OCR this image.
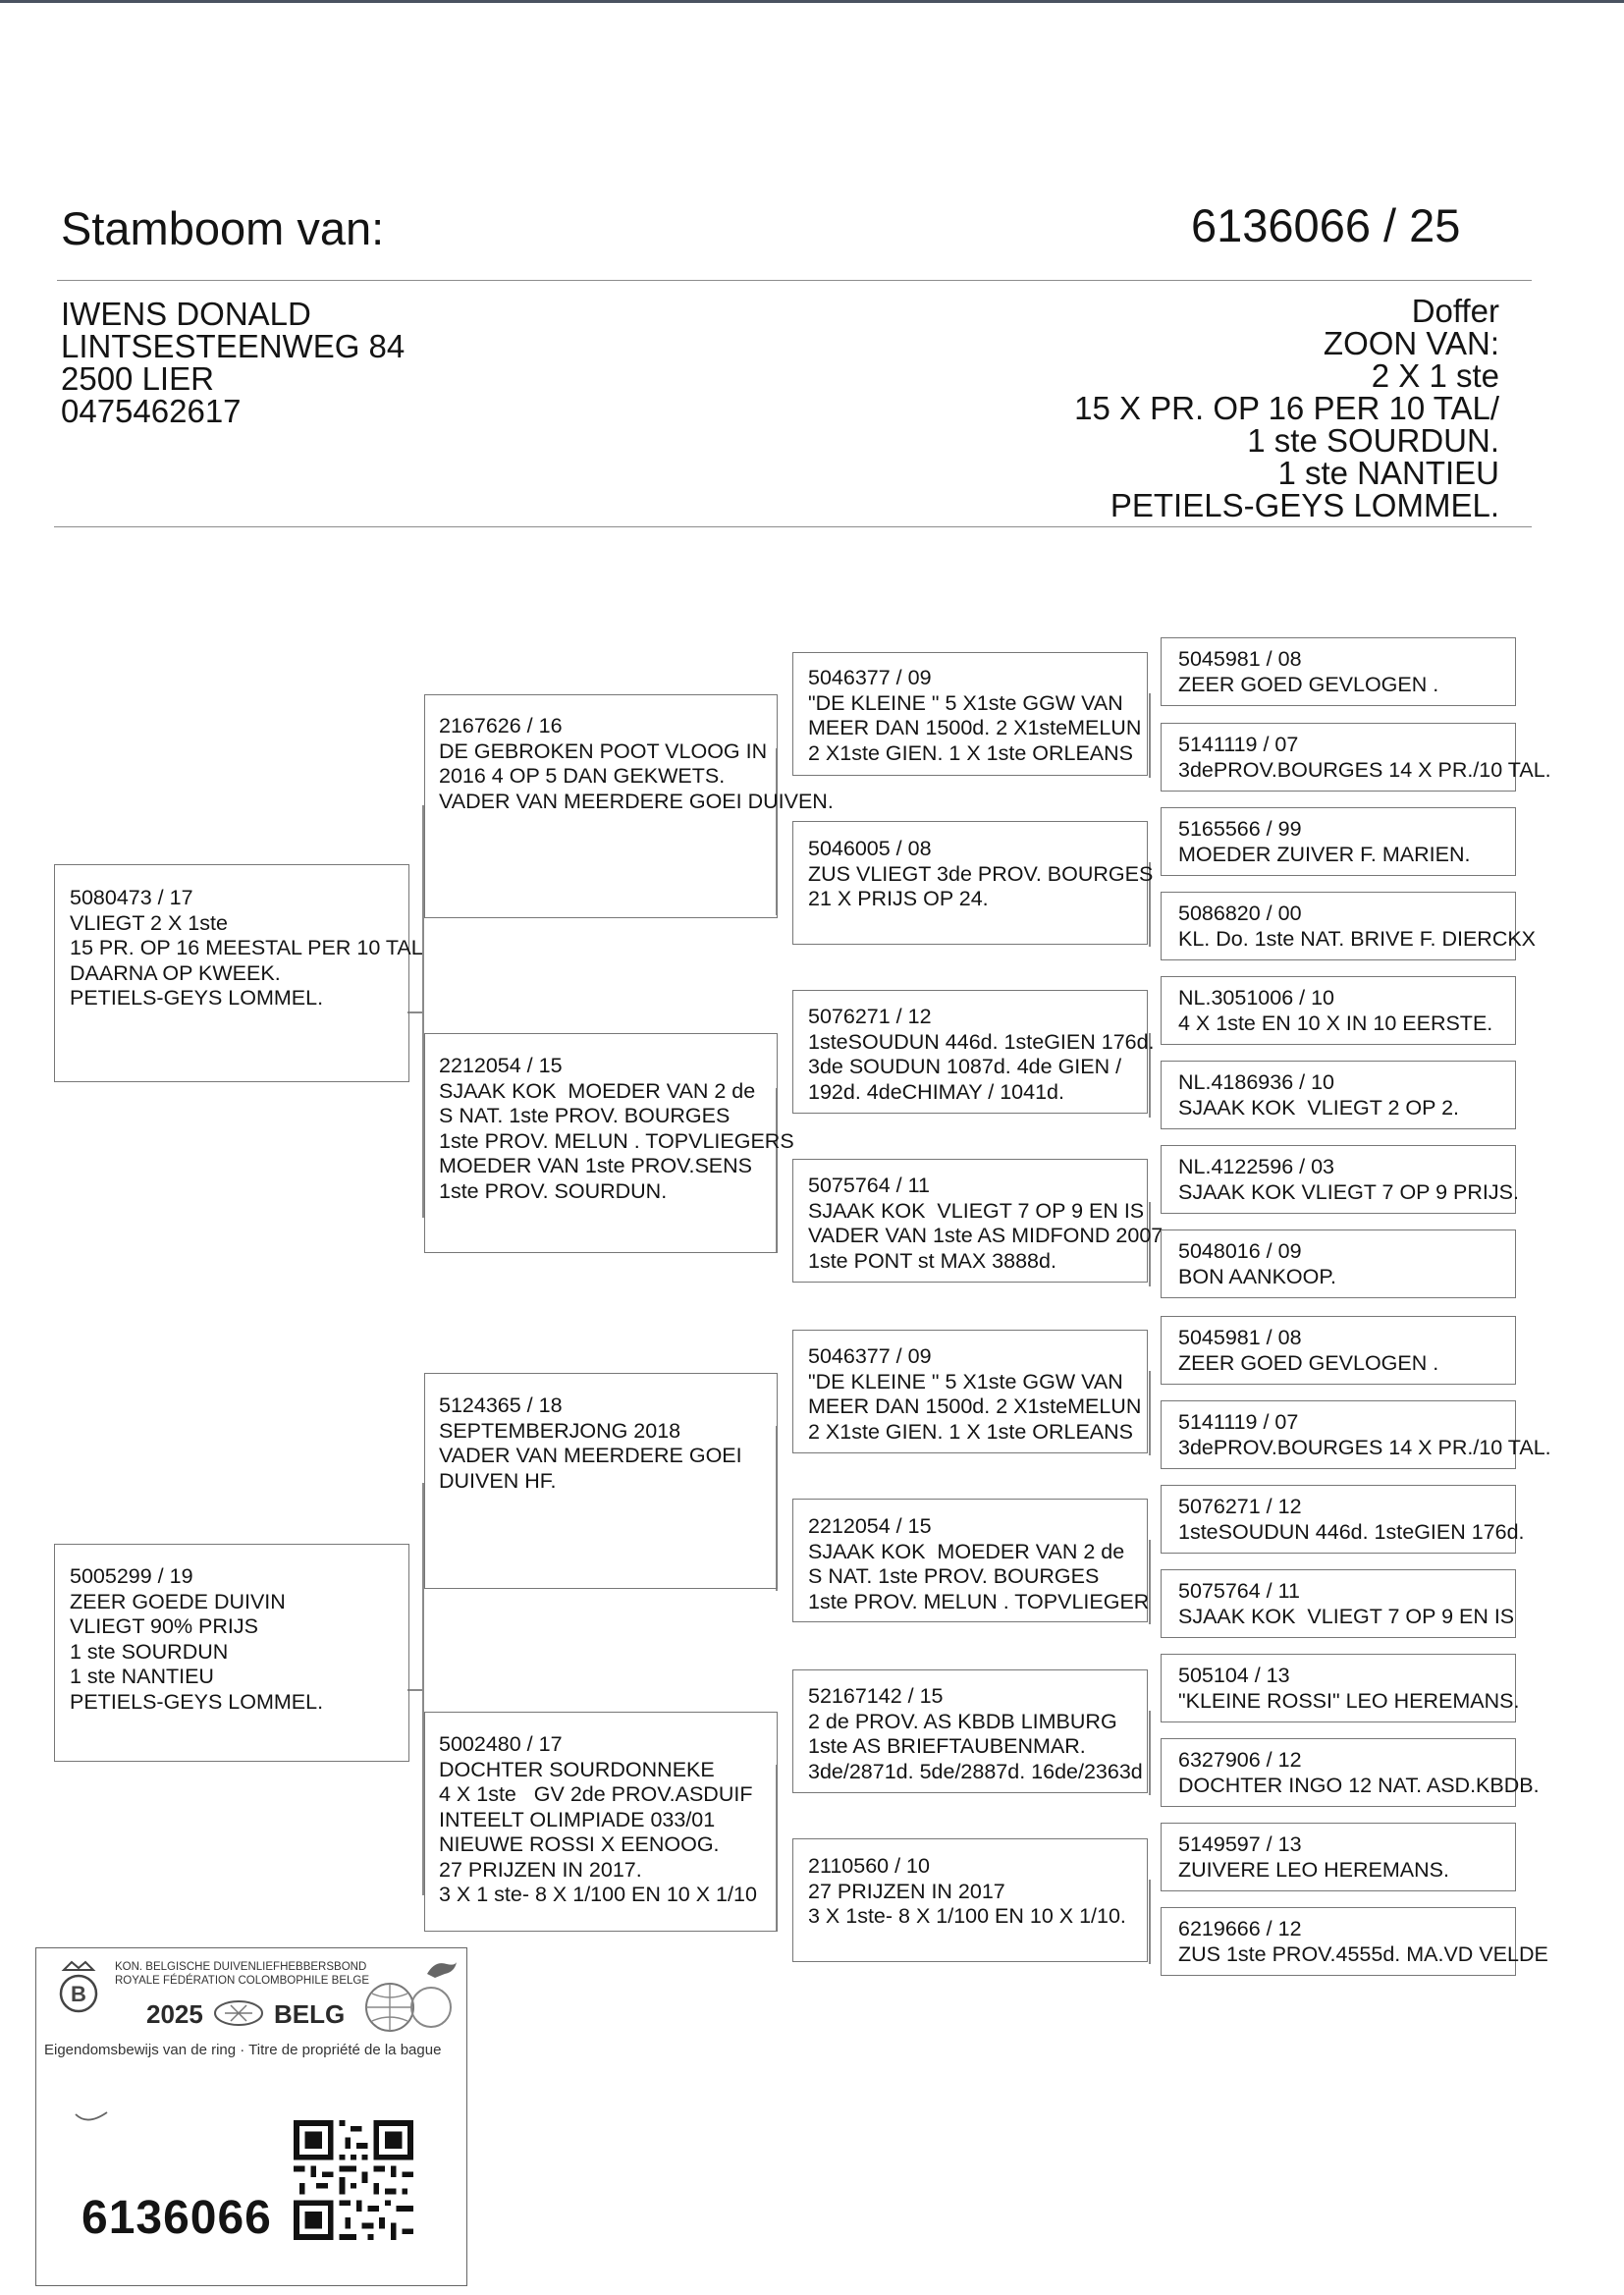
Stamboom van:	6136066 / 25
IWENS DONALD
LINTSESTEENWEG 84
2500 LIER
0475462617
Doffer
ZOON VAN:
2 X 1 ste
15 X PR. OP 16 PER 10 TAL/
1 ste SOURDUN.
1 ste NANTIEU
PETIELS-GEYS LOMMEL.
5080473 / 17
VLIEGT 2 X 1ste
15 PR. OP 16 MEESTAL PER 10 TAL
DAARNA OP KWEEK.
PETIELS-GEYS LOMMEL.
5005299 / 19
ZEER GOEDE DUIVIN
VLIEGT 90% PRIJS
1 ste SOURDUN
1 ste NANTIEU
PETIELS-GEYS LOMMEL.
2167626 / 16
DE GEBROKEN POOT VLOOG IN
2016 4 OP 5 DAN GEKWETS.
VADER VAN MEERDERE GOEI DUIVEN.
2212054 / 15
SJAAK KOK  MOEDER VAN 2 de
S NAT. 1ste PROV. BOURGES
1ste PROV. MELUN . TOPVLIEGERS
MOEDER VAN 1ste PROV.SENS
1ste PROV. SOURDUN.
5124365 / 18
SEPTEMBERJONG 2018
VADER VAN MEERDERE GOEI
DUIVEN HF.
5002480 / 17
DOCHTER SOURDONNEKE
4 X 1ste   GV 2de PROV.ASDUIF
INTEELT OLIMPIADE 033/01
NIEUWE ROSSI X EENOOG.
27 PRIJZEN IN 2017.
3 X 1 ste- 8 X 1/100 EN 10 X 1/10
5046377 / 09
"DE KLEINE " 5 X1ste GGW VAN
MEER DAN 1500d. 2 X1steMELUN
2 X1ste GIEN. 1 X 1ste ORLEANS
5046005 / 08
ZUS VLIEGT 3de PROV. BOURGES
21 X PRIJS OP 24.
5076271 / 12
1steSOUDUN 446d. 1steGIEN 176d.
3de SOUDUN 1087d. 4de GIEN /
192d. 4deCHIMAY / 1041d.
5075764 / 11
SJAAK KOK  VLIEGT 7 OP 9 EN IS
VADER VAN 1ste AS MIDFOND 2007
1ste PONT st MAX 3888d.
5046377 / 09
"DE KLEINE " 5 X1ste GGW VAN
MEER DAN 1500d. 2 X1steMELUN
2 X1ste GIEN. 1 X 1ste ORLEANS
2212054 / 15
SJAAK KOK  MOEDER VAN 2 de
S NAT. 1ste PROV. BOURGES
1ste PROV. MELUN . TOPVLIEGER
52167142 / 15
2 de PROV. AS KBDB LIMBURG
1ste AS BRIEFTAUBENMAR.
3de/2871d. 5de/2887d. 16de/2363d
2110560 / 10
27 PRIJZEN IN 2017
3 X 1ste- 8 X 1/100 EN 10 X 1/10.
5045981 / 08
ZEER GOED GEVLOGEN .
5141119 / 07
3dePROV.BOURGES 14 X PR./10 TAL.
5165566 / 99
MOEDER ZUIVER F. MARIEN.
5086820 / 00
KL. Do. 1ste NAT. BRIVE F. DIERCKX
NL.3051006 / 10
4 X 1ste EN 10 X IN 10 EERSTE.
NL.4186936 / 10
SJAAK KOK  VLIEGT 2 OP 2.
NL.4122596 / 03
SJAAK KOK VLIEGT 7 OP 9 PRIJS.
5048016 / 09
BON AANKOOP.
5045981 / 08
ZEER GOED GEVLOGEN .
5141119 / 07
3dePROV.BOURGES 14 X PR./10 TAL.
5076271 / 12
1steSOUDUN 446d. 1steGIEN 176d.
5075764 / 11
SJAAK KOK  VLIEGT 7 OP 9 EN IS
505104 / 13
"KLEINE ROSSI" LEO HEREMANS.
6327906 / 12
DOCHTER INGO 12 NAT. ASD.KBDB.
5149597 / 13
ZUIVERE LEO HEREMANS.
6219666 / 12
ZUS 1ste PROV.4555d. MA.VD VELDE
B
KON. BELGISCHE DUIVENLIEFHEBBERSBOND
ROYALE FÉDÉRATION COLOMBOPHILE BELGE
2025	BELG
Eigendomsbewijs van de ring · Titre de propriété de la bague
6136066
